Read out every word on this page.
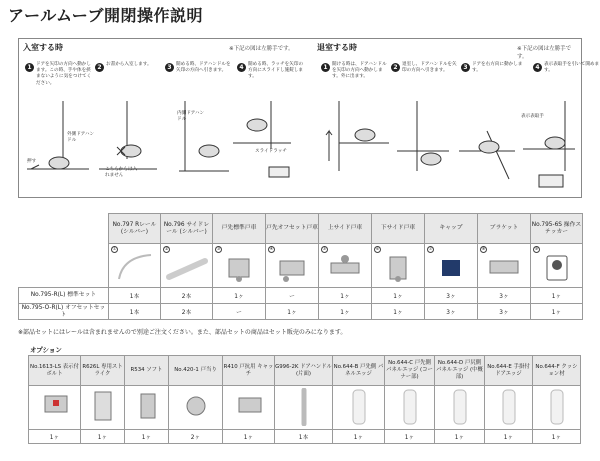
アールムーブ開閉操作説明
入室する時	※下記の図は左勝手です。	退室する時	※下記の図は左勝手です。
1 ドアを矢印の方向へ動かします。この時、手や体を挟まないように気をつけてください。
2 お書から入室します。	3 開める時、ドアハンドルを矢印の方向へ引きます。	4 開める時、ラッチを矢印の方向にスライドし施錠します。
1 開ける時は、ドアハンドルを矢印の方向へ動かします。外に出ます。
2 退室し、ドアハンドルを矢印の方向へ引きます。	3 ドアを右方向に動かします。	4 表示表取手を引いて開めます。
外側ドアハンドル
押す
こちらからは入れません
内側ドアハンドル
スライドラッチ
表示表取手
	No.797 Rレール (シルバー)	No.796 サイドレール (シルバー)	戸先標準戸車	戸先オフセット戸車	上サイド戸車	下サイド戸車	キャップ	ブラケット	No.795-6S 操作ステッカー

	①	②	③	④	⑤	⑥	⑦	⑧	⑨

No.795-R(L) 標準セット	1本	2本	1ヶ	ー	1ヶ	1ヶ	3ヶ	3ヶ	1ヶ
No.795-O-R(L) オフセットセット	1本	2本	ー	1ヶ	1ヶ	1ヶ	3ヶ	3ヶ	1ヶ
※部品セットにはレールは含まれませんので別途ご注文ください。また、部品セットの商品はセット販売のみになります。
オプション
No.1613-LS 表示付ボルト	R626L 専用ストライク	R534 ソフト	No.420-1 戸当り	R410 戸抗用 キャッチ	G996-2K ドアハンドル (片面)	No.644-B 戸先側 パネルエッジ	No.644-C 戸先側 パネルエッジ (コーナー部)	No.644-D 戸尻側 パネルエッジ (中概部)	No.644-E 手掛付 ドアエッジ	No.644-F クッション材

1ヶ	1ヶ	1ヶ	2ヶ	1ヶ	1本	1ヶ	1ヶ	1ヶ	1ヶ	1ヶ
